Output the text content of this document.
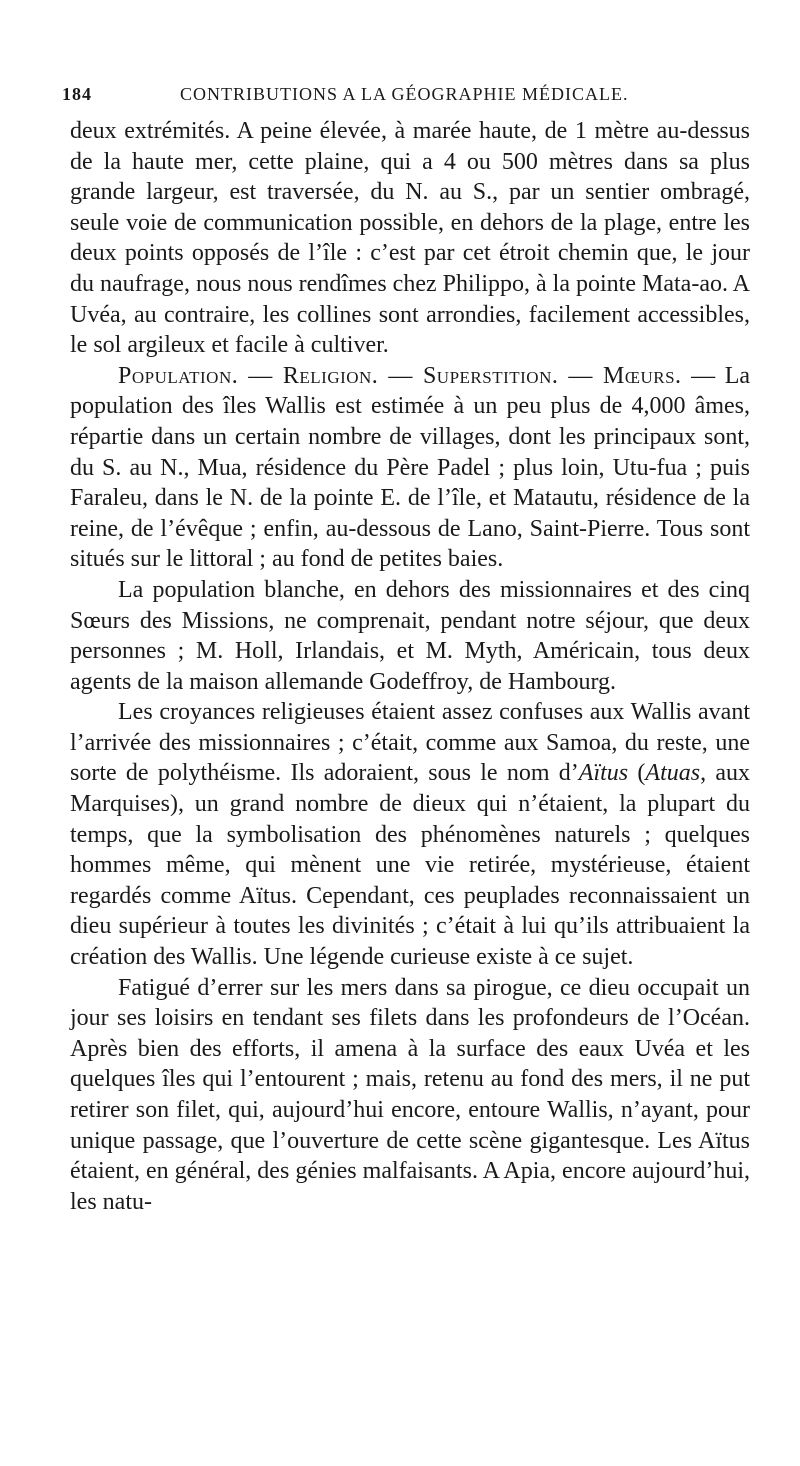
184	CONTRIBUTIONS A LA GÉOGRAPHIE MÉDICALE.

deux extrémités. A peine élevée, à marée haute, de 1 mètre au-dessus de la haute mer, cette plaine, qui a 4 ou 500 mètres dans sa plus grande largeur, est traversée, du N. au S., par un sentier ombragé, seule voie de communication possible, en dehors de la plage, entre les deux points opposés de l’île : c’est par cet étroit chemin que, le jour du naufrage, nous nous rendîmes chez Philippo, à la pointe Mata-ao. A Uvéa, au contraire, les collines sont arrondies, facilement accessibles, le sol argileux et facile à cultiver.

Population. — Religion. — Superstition. — Mœurs. — La population des îles Wallis est estimée à un peu plus de 4,000 âmes, répartie dans un certain nombre de villages, dont les principaux sont, du S. au N., Mua, résidence du Père Padel ; plus loin, Utu-fua ; puis Faraleu, dans le N. de la pointe E. de l’île, et Matautu, résidence de la reine, de l’évêque ; enfin, au-dessous de Lano, Saint-Pierre. Tous sont situés sur le littoral ; au fond de petites baies.

La population blanche, en dehors des missionnaires et des cinq Sœurs des Missions, ne comprenait, pendant notre séjour, que deux personnes ; M. Holl, Irlandais, et M. Myth, Américain, tous deux agents de la maison allemande Godeffroy, de Hambourg.

Les croyances religieuses étaient assez confuses aux Wallis avant l’arrivée des missionnaires ; c’était, comme aux Samoa, du reste, une sorte de polythéisme. Ils adoraient, sous le nom d’Aïtus (Atuas, aux Marquises), un grand nombre de dieux qui n’étaient, la plupart du temps, que la symbolisation des phénomènes naturels ; quelques hommes même, qui mènent une vie retirée, mystérieuse, étaient regardés comme Aïtus. Cependant, ces peuplades reconnaissaient un dieu supérieur à toutes les divinités ; c’était à lui qu’ils attribuaient la création des Wallis. Une légende curieuse existe à ce sujet.

Fatigué d’errer sur les mers dans sa pirogue, ce dieu occupait un jour ses loisirs en tendant ses filets dans les profondeurs de l’Océan. Après bien des efforts, il amena à la surface des eaux Uvéa et les quelques îles qui l’entourent ; mais, retenu au fond des mers, il ne put retirer son filet, qui, aujourd’hui encore, entoure Wallis, n’ayant, pour unique passage, que l’ouverture de cette scène gigantesque. Les Aïtus étaient, en général, des génies malfaisants. A Apia, encore aujourd’hui, les natu-
